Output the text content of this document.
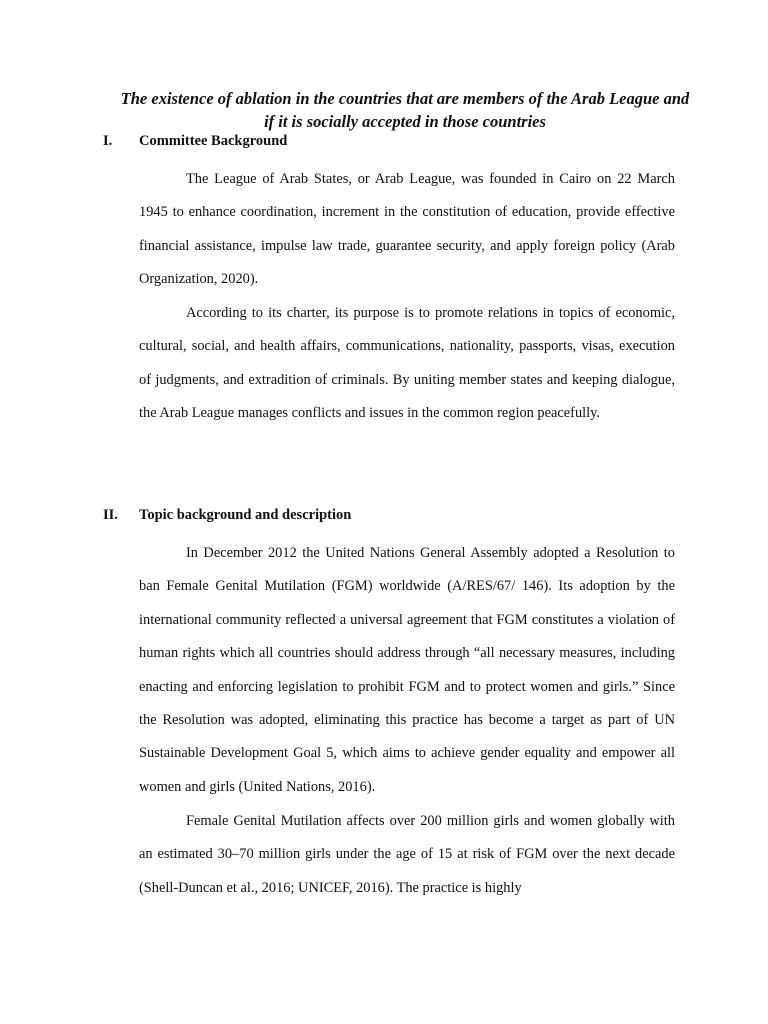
The existence of ablation in the countries that are members of the Arab League and if it is socially accepted in those countries
I. Committee Background

The League of Arab States, or Arab League, was founded in Cairo on 22 March 1945 to enhance coordination, increment in the constitution of education, provide effective financial assistance, impulse law trade, guarantee security, and apply foreign policy (Arab Organization, 2020).

According to its charter, its purpose is to promote relations in topics of economic, cultural, social, and health affairs, communications, nationality, passports, visas, execution of judgments, and extradition of criminals. By uniting member states and keeping dialogue, the Arab League manages conflicts and issues in the common region peacefully.

II. Topic background and description

In December 2012 the United Nations General Assembly adopted a Resolution to ban Female Genital Mutilation (FGM) worldwide (A/RES/67/ 146). Its adoption by the international community reflected a universal agreement that FGM constitutes a violation of human rights which all countries should address through “all necessary measures, including enacting and enforcing legislation to prohibit FGM and to protect women and girls.” Since the Resolution was adopted, eliminating this practice has become a target as part of UN Sustainable Development Goal 5, which aims to achieve gender equality and empower all women and girls (United Nations, 2016).

Female Genital Mutilation affects over 200 million girls and women globally with an estimated 30–70 million girls under the age of 15 at risk of FGM over the next decade (Shell-Duncan et al., 2016; UNICEF, 2016). The practice is highly
